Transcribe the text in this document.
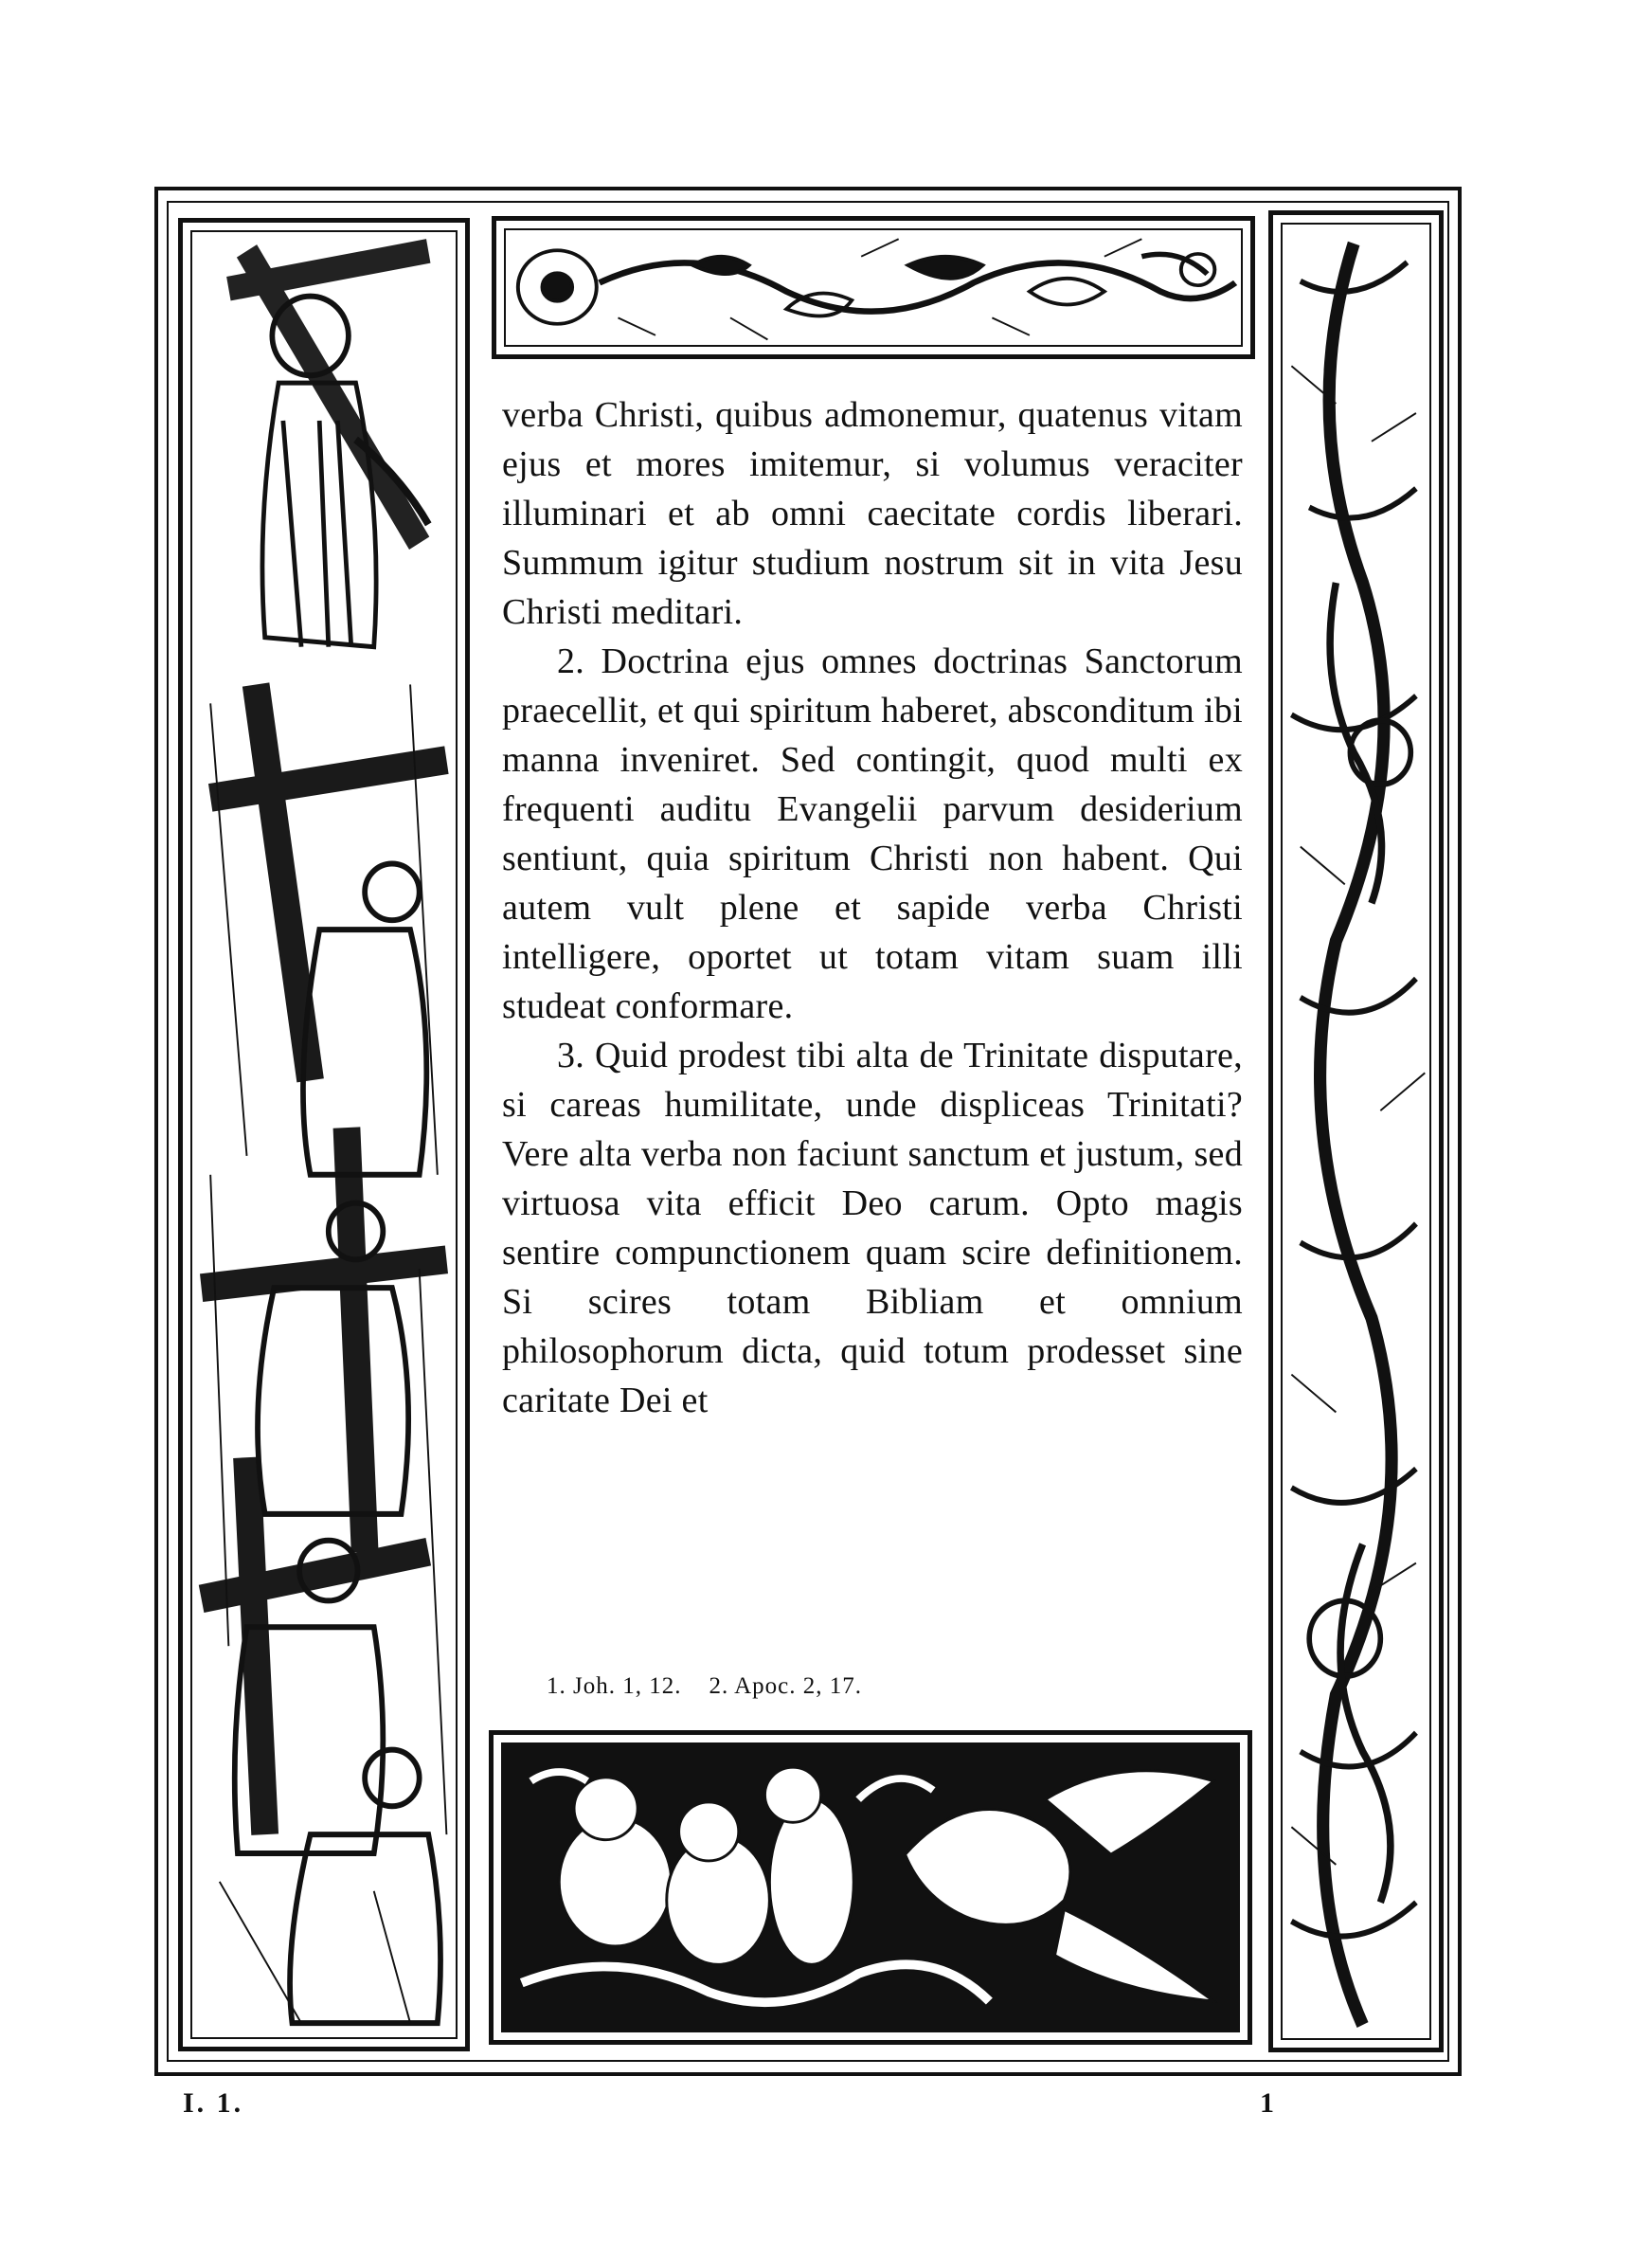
verba Christi, quibus admonemur, quatenus vitam ejus et mores imitemur, si volumus veraciter illuminari et ab omni caecitate cordis liberari. Summum igitur studium nostrum sit in vita Jesu Christi meditari.

2. Doctrina ejus omnes doctrinas Sanctorum praecellit, et qui spiritum haberet, absconditum ibi manna inveniret. Sed contingit, quod multi ex frequenti auditu Evangelii parvum desiderium sentiunt, quia spiritum Christi non habent. Qui autem vult plene et sapide verba Christi intelligere, oportet ut totam vitam suam illi studeat conformare.

3. Quid prodest tibi alta de Trinitate disputare, si careas humilitate, unde displiceas Trinitati? Vere alta verba non faciunt sanctum et justum, sed virtuosa vita efficit Deo carum. Opto magis sentire compunctionem quam scire definitionem. Si scires totam Bibliam et omnium philosophorum dicta, quid totum prodesset sine caritate Dei et

1. Joh. 1, 12.    2. Apoc. 2, 17.
I. 1.	1
